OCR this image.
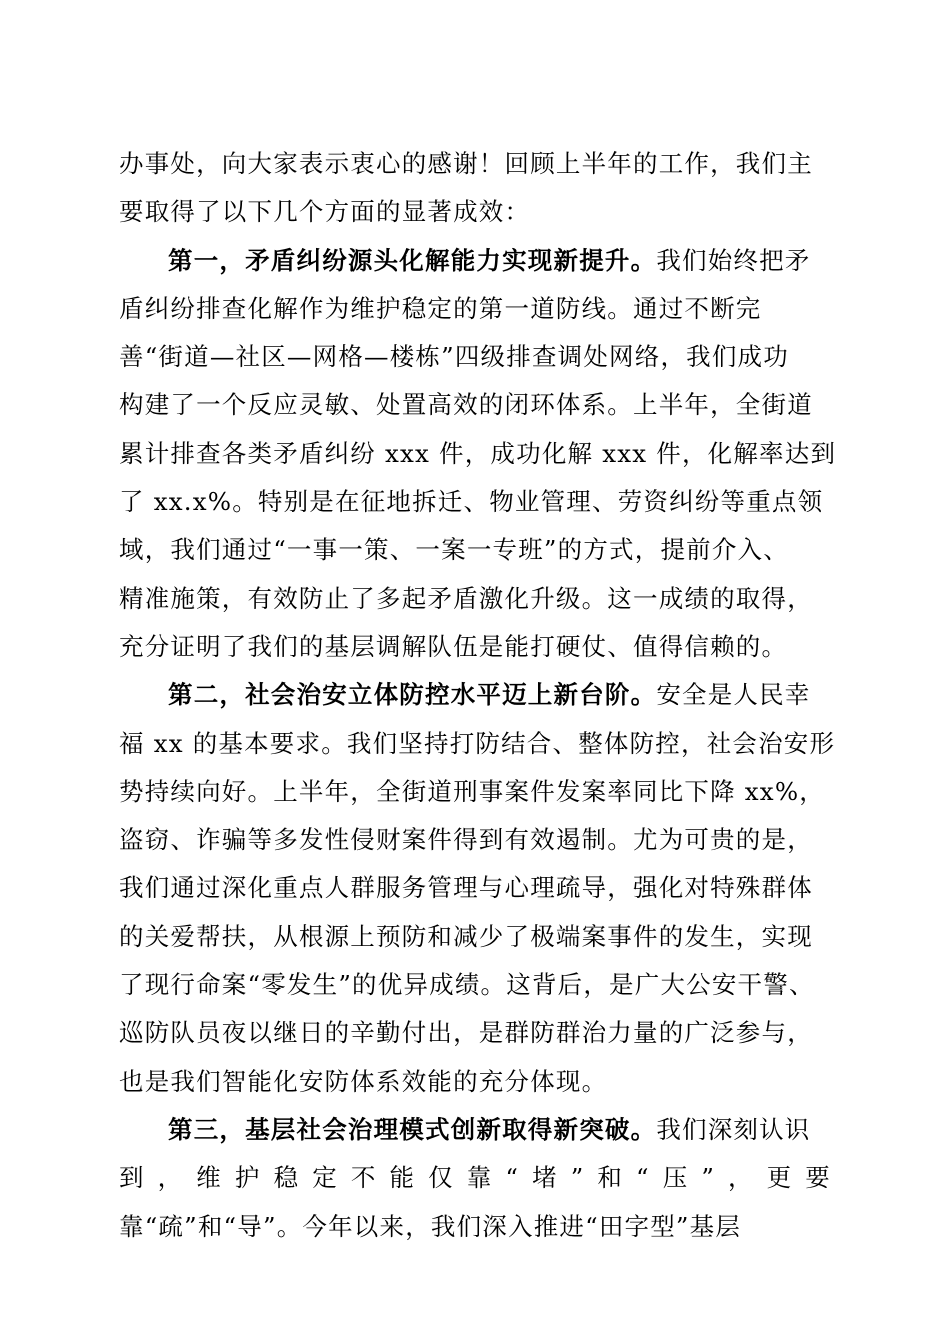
办事处，向大家表示衷心的感谢！回顾上半年的工作，我们主
要取得了以下几个方面的显著成效：
第一，矛盾纠纷源头化解能力实现新提升。我们始终把矛
盾纠纷排查化解作为维护稳定的第一道防线。通过不断完
善“街道—社区—网格—楼栋”四级排查调处网络，我们成功
构建了一个反应灵敏、处置高效的闭环体系。上半年，全街道
累计排查各类矛盾纠纷 xxx 件，成功化解 xxx 件，化解率达到
了 xx.x%。特别是在征地拆迁、物业管理、劳资纠纷等重点领
域，我们通过“一事一策、一案一专班”的方式，提前介入、
精准施策，有效防止了多起矛盾激化升级。这一成绩的取得，
充分证明了我们的基层调解队伍是能打硬仗、值得信赖的。
第二，社会治安立体防控水平迈上新台阶。安全是人民幸
福 xx 的基本要求。我们坚持打防结合、整体防控，社会治安形
势持续向好。上半年，全街道刑事案件发案率同比下降 xx%，
盗窃、诈骗等多发性侵财案件得到有效遏制。尤为可贵的是，
我们通过深化重点人群服务管理与心理疏导，强化对特殊群体
的关爱帮扶，从根源上预防和减少了极端案事件的发生，实现
了现行命案“零发生”的优异成绩。这背后，是广大公安干警、
巡防队员夜以继日的辛勤付出，是群防群治力量的广泛参与，
也是我们智能化安防体系效能的充分体现。
第三，基层社会治理模式创新取得新突破。我们深刻认识
到 ， 维 护 稳 定 不 能 仅 靠 “ 堵 ” 和 “ 压 ” ， 更 要
靠“疏”和“导”。今年以来，我们深入推进“田字型”基层
